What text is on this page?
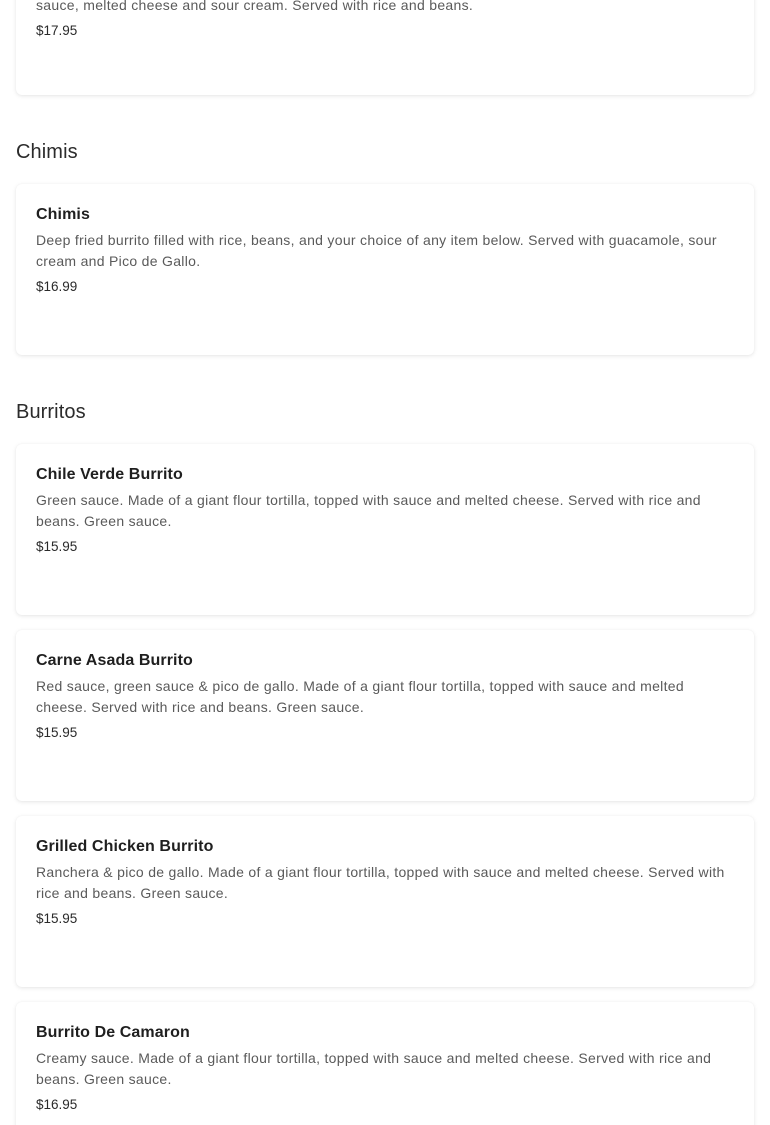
sauce, melted cheese and sour cream. Served with rice and beans.
$17.95
Chimis
Chimis
Deep fried burrito filled with rice, beans, and your choice of any item below. Served with guacamole, sour cream and Pico de Gallo.
$16.99
Burritos
Chile Verde Burrito
Green sauce. Made of a giant flour tortilla, topped with sauce and melted cheese. Served with rice and beans. Green sauce.
$15.95
Carne Asada Burrito
Red sauce, green sauce & pico de gallo. Made of a giant flour tortilla, topped with sauce and melted cheese. Served with rice and beans. Green sauce.
$15.95
Grilled Chicken Burrito
Ranchera & pico de gallo. Made of a giant flour tortilla, topped with sauce and melted cheese. Served with rice and beans. Green sauce.
$15.95
Burrito De Camaron
Creamy sauce. Made of a giant flour tortilla, topped with sauce and melted cheese. Served with rice and beans. Green sauce.
$16.95
